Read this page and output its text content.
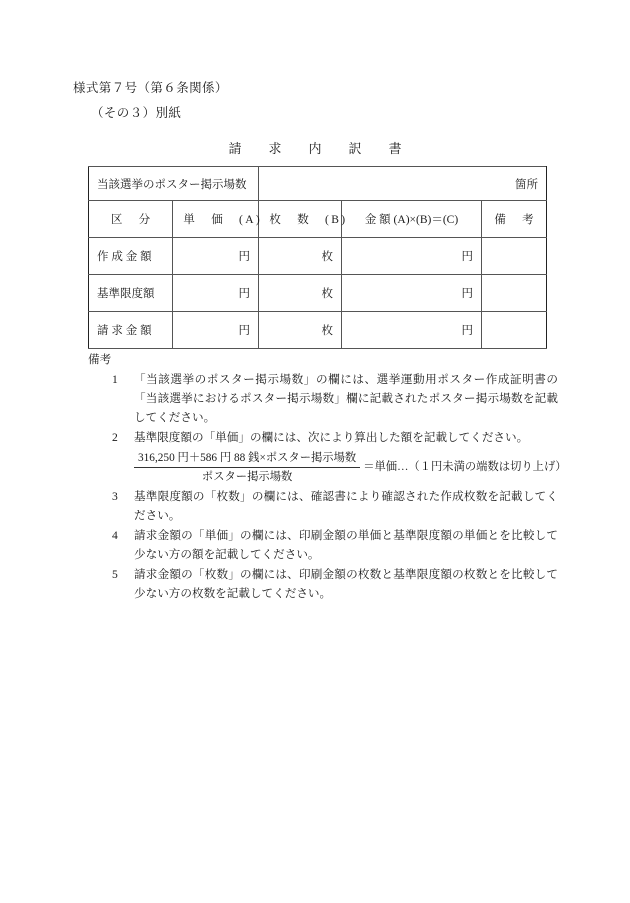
様式第７号（第６条関係）
（その３）別紙
請　求　内　訳　書
当該選挙のポスター掲示場数		箇所		
区　分	単　価　(A)	枚　数　(B)	金 額 (A)×(B)＝(C)	備　考
作 成 金 額	円	枚	円	
基準限度額	円	枚	円	
請 求 金 額	円	枚	円	
備考
1	「当該選挙のポスター掲示場数」の欄には、選挙運動用ポスター作成証明書の「当該選挙におけるポスター掲示場数」欄に記載されたポスター掲示場数を記載してください。
2	基準限度額の「単価」の欄には、次により算出した額を記載してください。
$\frac{\text{316,250 円＋586 円 88 銭×ポスター掲示場数}}{\text{ポスター掲示場数}}$ ＝単価…（１円未満の端数は切り上げ）
3	基準限度額の「枚数」の欄には、確認書により確認された作成枚数を記載してください。
4	請求金額の「単価」の欄には、印刷金額の単価と基準限度額の単価とを比較して少ない方の額を記載してください。
5	請求金額の「枚数」の欄には、印刷金額の枚数と基準限度額の枚数とを比較して少ない方の枚数を記載してください。
